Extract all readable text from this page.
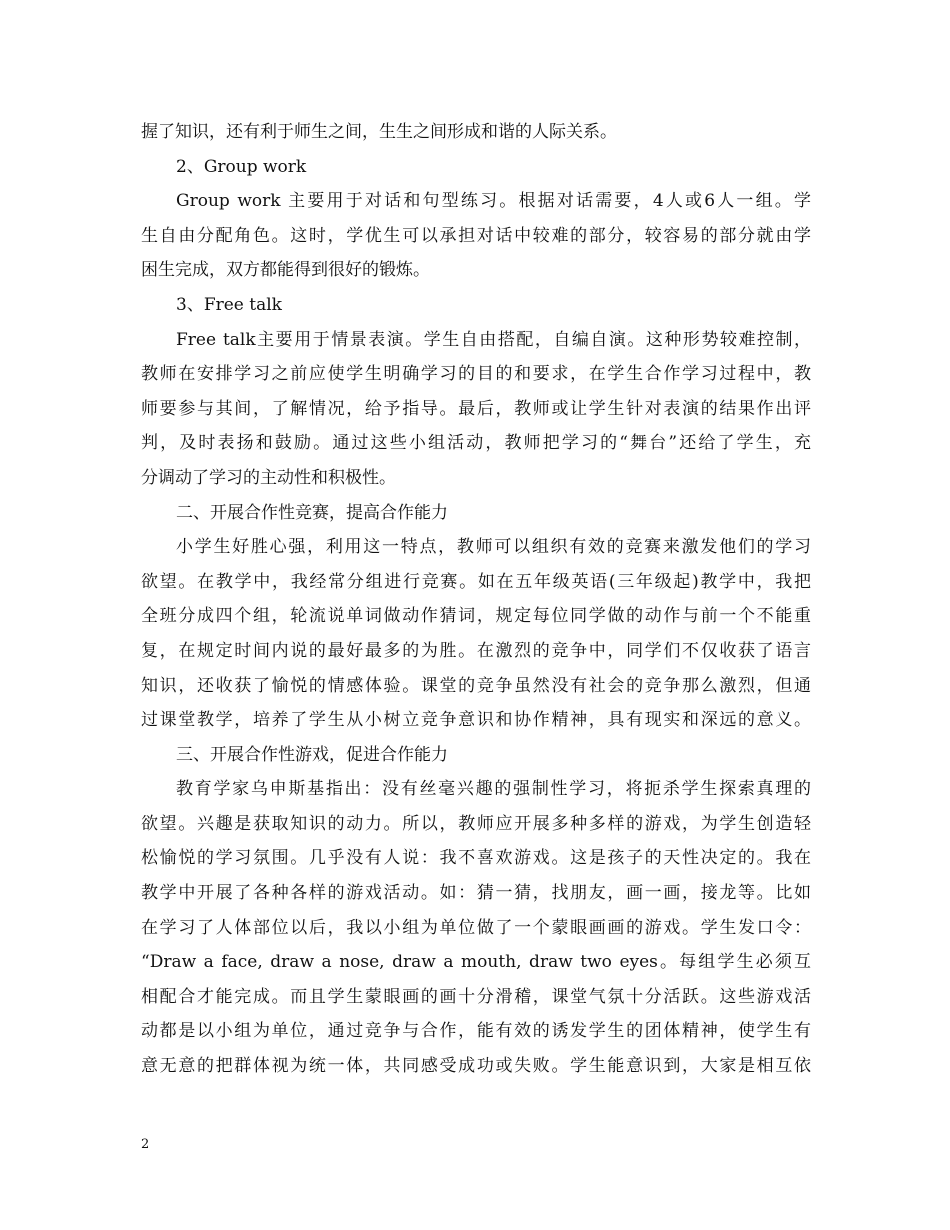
握了知识，还有利于师生之间，生生之间形成和谐的人际关系。
2、Group work
Group work 主要用于对话和句型练习。根据对话需要，4人或6人一组。学
生自由分配角色。这时，学优生可以承担对话中较难的部分，较容易的部分就由学
困生完成，双方都能得到很好的锻炼。
3、Free talk
Free talk主要用于情景表演。学生自由搭配，自编自演。这种形势较难控制，
教师在安排学习之前应使学生明确学习的目的和要求，在学生合作学习过程中，教
师要参与其间，了解情况，给予指导。最后，教师或让学生针对表演的结果作出评
判，及时表扬和鼓励。通过这些小组活动，教师把学习的“舞台”还给了学生，充
分调动了学习的主动性和积极性。
二、开展合作性竞赛，提高合作能力
小学生好胜心强，利用这一特点，教师可以组织有效的竞赛来激发他们的学习
欲望。在教学中，我经常分组进行竞赛。如在五年级英语(三年级起)教学中，我把
全班分成四个组，轮流说单词做动作猜词，规定每位同学做的动作与前一个不能重
复，在规定时间内说的最好最多的为胜。在激烈的竞争中，同学们不仅收获了语言
知识，还收获了愉悦的情感体验。课堂的竞争虽然没有社会的竞争那么激烈，但通
过课堂教学，培养了学生从小树立竞争意识和协作精神，具有现实和深远的意义。
三、开展合作性游戏，促进合作能力
教育学家乌申斯基指出：没有丝毫兴趣的强制性学习，将扼杀学生探索真理的
欲望。兴趣是获取知识的动力。所以，教师应开展多种多样的游戏，为学生创造轻
松愉悦的学习氛围。几乎没有人说：我不喜欢游戏。这是孩子的天性决定的。我在
教学中开展了各种各样的游戏活动。如：猜一猜，找朋友，画一画，接龙等。比如
在学习了人体部位以后，我以小组为单位做了一个蒙眼画画的游戏。学生发口令：
“Draw a face, draw a nose, draw a mouth, draw two eyes。每组学生必须互
相配合才能完成。而且学生蒙眼画的画十分滑稽，课堂气氛十分活跃。这些游戏活
动都是以小组为单位，通过竞争与合作，能有效的诱发学生的团体精神，使学生有
意无意的把群体视为统一体，共同感受成功或失败。学生能意识到，大家是相互依
2
